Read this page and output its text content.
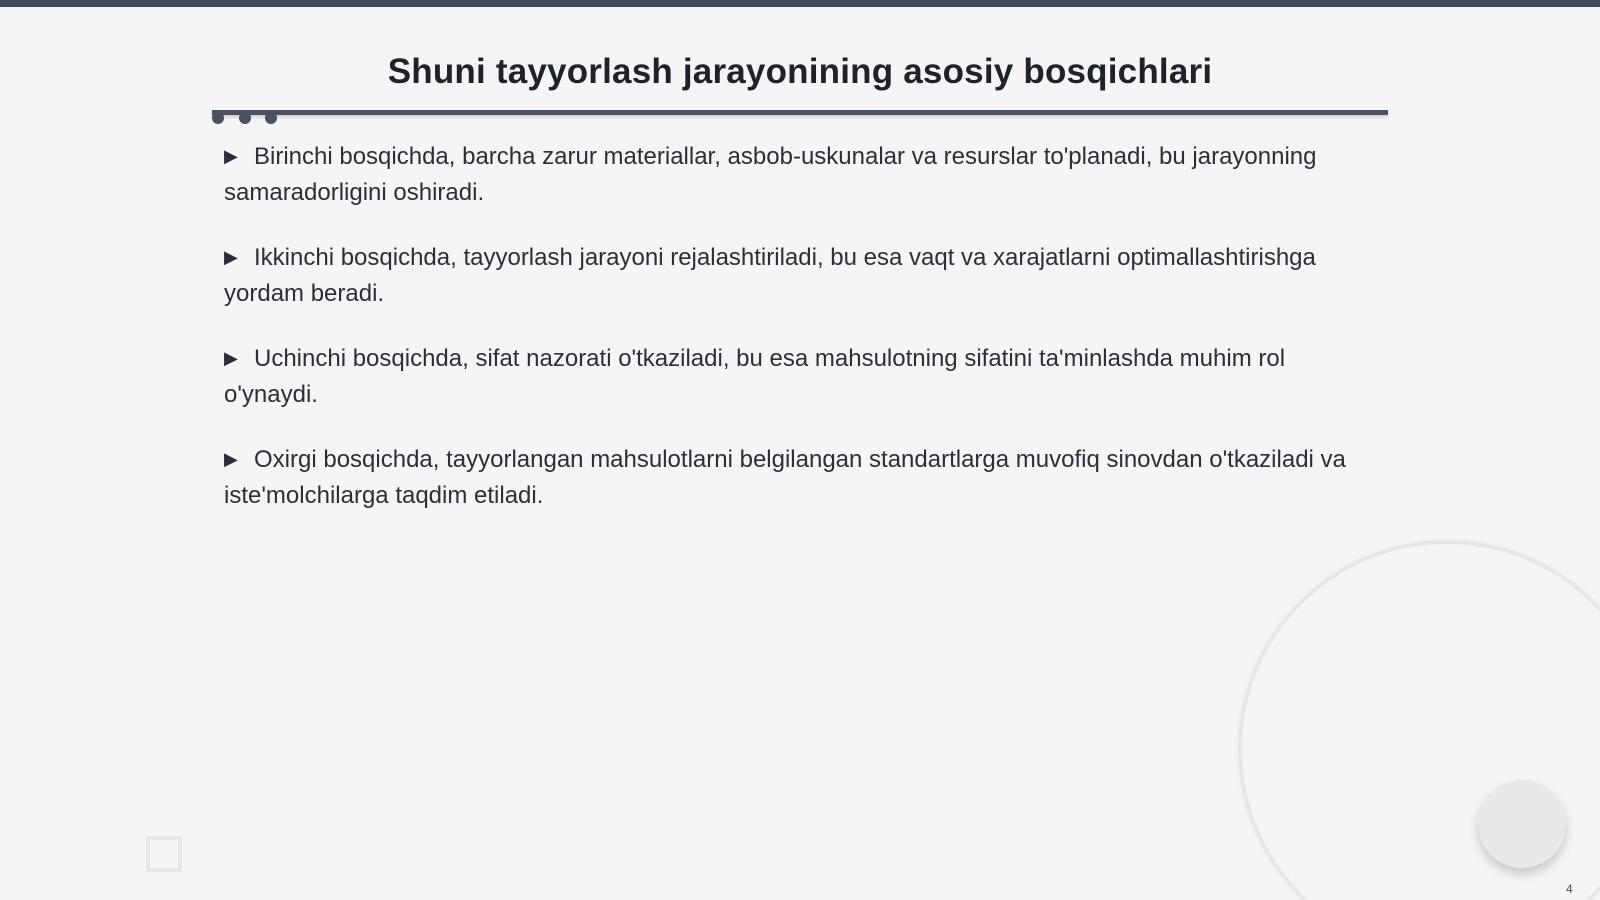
Shuni tayyorlash jarayonining asosiy bosqichlari
▶ Birinchi bosqichda, barcha zarur materiallar, asbob-uskunalar va resurslar to'planadi, bu jarayonning samaradorligini oshiradi.
▶ Ikkinchi bosqichda, tayyorlash jarayoni rejalashtiriladi, bu esa vaqt va xarajatlarni optimallashtirishga yordam beradi.
▶ Uchinchi bosqichda, sifat nazorati o'tkaziladi, bu esa mahsulotning sifatini ta'minlashda muhim rol o'ynaydi.
▶ Oxirgi bosqichda, tayyorlangan mahsulotlarni belgilangan standartlarga muvofiq sinovdan o'tkaziladi va iste'molchilarga taqdim etiladi.
4
